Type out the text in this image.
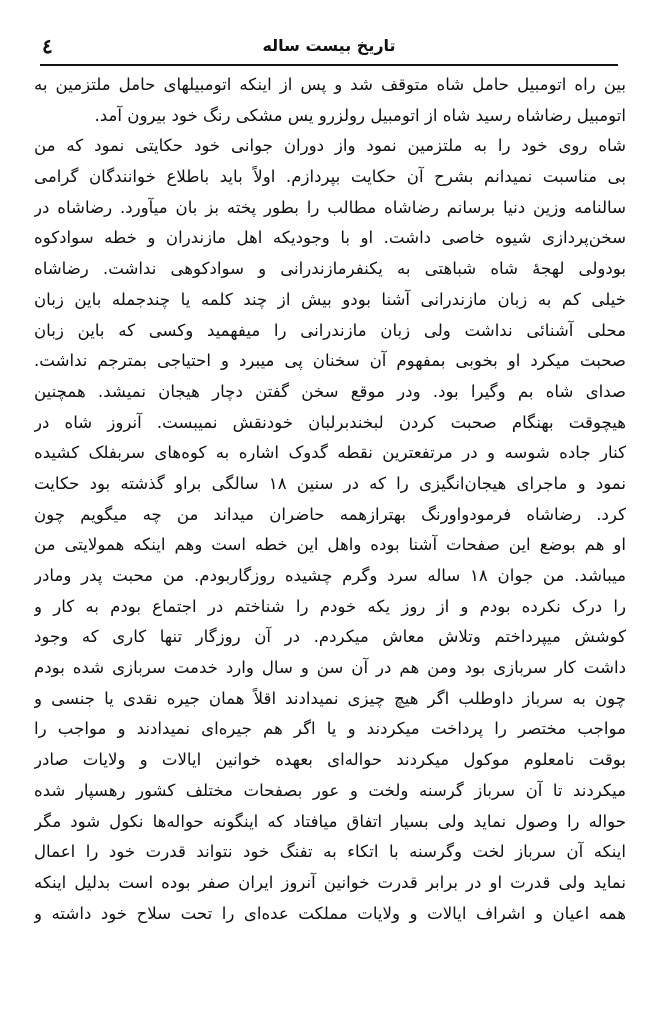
٤	تاریخ بیست ساله
بین راه اتومبیل حامل شاه متوقف شد و پس از اینکه اتومبیلهای حامل ملتزمین به
اتومبیل رضاشاه رسید شاه از اتومبیل رولزرو یس مشکی رنگ خود بیرون آمد.
شاه روی خود را به ملتزمین نمود واز دوران جوانی خود حکایتی نمود که من
بی مناسبت نمیدانم بشرح آن حکایت بپردازم. اولاً باید باطلاع خوانندگان گرامی
سالنامه وزین دنیا برسانم رضاشاه مطالب را بطور پخته بز بان میآورد. رضاشاه در
سخن‌پردازی شیوه خاصی داشت. او با وجودیکه اهل مازندران و خطه سوادکوه
بودولی لهجهٔ شاه شباهتی به یکنفرمازندرانی و سوادکوهی نداشت. رضاشاه
خیلی کم به زبان مازندرانی آشنا بودو بیش از چند کلمه یا چندجمله باین زبان
محلی آشنائی نداشت ولی زبان مازندرانی را میفهمید وکسی که باین زبان
صحبت میکرد او بخوبی بمفهوم آن سخنان پی میبرد و احتیاجی بمترجم نداشت.
صدای شاه بم وگیرا بود. ودر موقع سخن گفتن دچار هیجان نمیشد. همچنین
هیچوقت بهنگام صحبت کردن لبخندبرلبان خودنقش نمیبست. آنروز شاه در
کنار جاده شوسه و در مرتفعترین نقطه گدوک اشاره به کوه‌های سربفلک کشیده
نمود و ماجرای هیجان‌انگیزی را که در سنین ۱۸ سالگی براو گذشته بود حکایت
کرد. رضاشاه فرمودواورنگ بهترازهمه حاضران میداند من چه میگویم چون
او هم بوضع این صفحات آشنا بوده واهل این خطه است وهم اینکه همولایتی من
میباشد. من جوان ۱۸ ساله سرد وگرم چشیده روزگاربودم. من محبت پدر ومادر
را درک نکرده بودم و از روز یکه خودم را شناختم در اجتماع بودم به کار و
کوشش میپرداختم وتلاش معاش میکردم. در آن روزگار تنها کاری که وجود
داشت کار سربازی بود ومن هم در آن سن و سال وارد خدمت سربازی شده بودم
چون به سرباز داوطلب اگر هیچ چیزی نمیدادند اقلاً همان جیره نقدی یا جنسی و
مواجب مختصر را پرداخت میکردند و یا اگر هم جیره‌ای نمیدادند و مواجب را
بوقت نامعلوم موکول میکردند حواله‌ای بعهده خوانین ایالات و ولایات صادر
میکردند تا آن سرباز گرسنه ولخت و عور بصفحات مختلف کشور رهسپار شده
حواله را وصول نماید ولی بسیار اتفاق میافتاد که اینگونه حواله‌ها نکول شود مگر
اینکه آن سرباز لخت وگرسنه با اتکاء به تفنگ خود نتواند قدرت خود را اعمال
نماید ولی قدرت او در برابر قدرت خوانین آنروز ایران صفر بوده است بدلیل اینکه
همه اعیان و اشراف ایالات و ولایات مملکت عده‌ای را تحت سلاح خود داشته و
